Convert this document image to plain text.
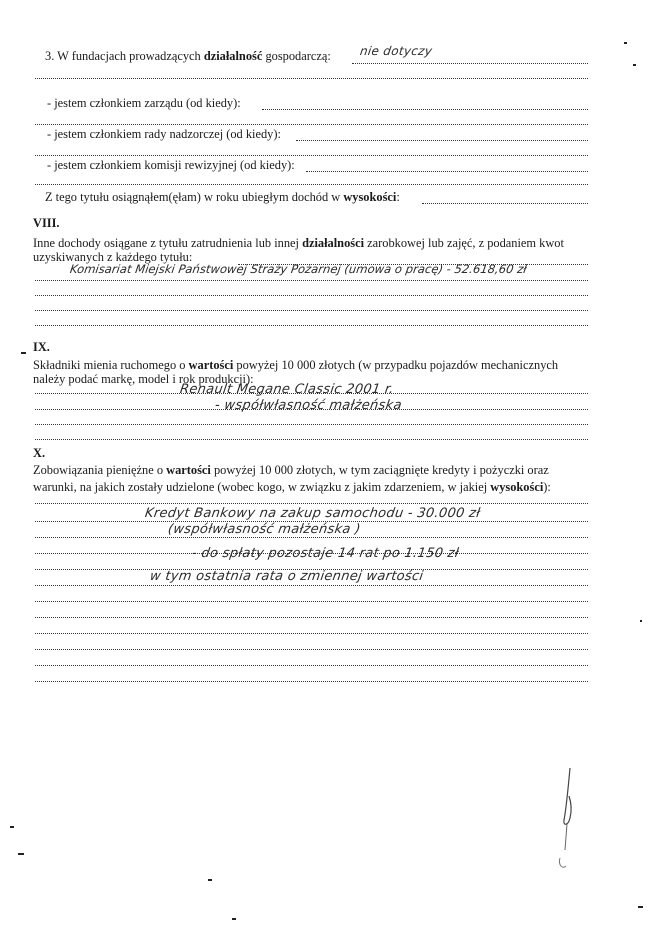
3. W fundacjach prowadzących działalność gospodarczą: nie dotyczy
- jestem członkiem zarządu (od kiedy):
- jestem członkiem rady nadzorczej (od kiedy):
- jestem członkiem komisji rewizyjnej (od kiedy):
Z tego tytułu osiągnąłem(ęłam) w roku ubiegłym dochód w wysokości:
VIII.
Inne dochody osiągane z tytułu zatrudnienia lub innej działalności zarobkowej lub zajęć, z podaniem kwot
uzyskiwanych z każdego tytułu:
Komisariat Miejski Państwowej Straży Pożarnej (umowa o pracę) - 52.618,60 zł
IX.
Składniki mienia ruchomego o wartości powyżej 10 000 złotych (w przypadku pojazdów mechanicznych
należy podać markę, model i rok produkcji):
Renault Megane Classic 2001 r.
- współwłasność małżeńska
X.
Zobowiązania pieniężne o wartości powyżej 10 000 złotych, w tym zaciągnięte kredyty i pożyczki oraz
warunki, na jakich zostały udzielone (wobec kogo, w związku z jakim zdarzeniem, w jakiej wysokości):
Kredyt Bankowy na zakup samochodu - 30.000 zł
(współwłasność małżeńska )
- do spłaty pozostaje 14 rat po 1.150 zł
w tym ostatnia rata o zmiennej wartości
